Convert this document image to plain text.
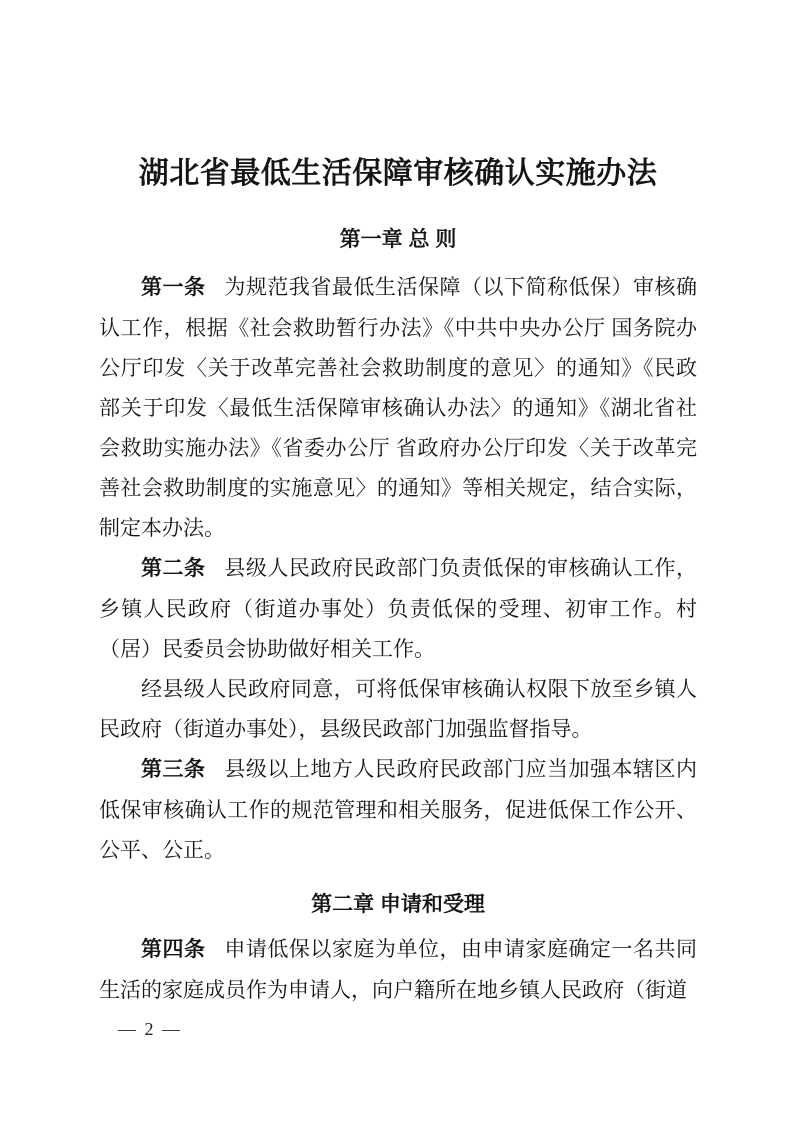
湖北省最低生活保障审核确认实施办法
第一章 总 则

第一条 为规范我省最低生活保障（以下简称低保）审核确认工作，根据《社会救助暂行办法》《中共中央办公厅 国务院办公厅印发〈关于改革完善社会救助制度的意见〉的通知》《民政部关于印发〈最低生活保障审核确认办法〉的通知》《湖北省社会救助实施办法》《省委办公厅 省政府办公厅印发〈关于改革完善社会救助制度的实施意见〉的通知》等相关规定，结合实际，制定本办法。

第二条 县级人民政府民政部门负责低保的审核确认工作，乡镇人民政府（街道办事处）负责低保的受理、初审工作。村（居）民委员会协助做好相关工作。

经县级人民政府同意，可将低保审核确认权限下放至乡镇人民政府（街道办事处），县级民政部门加强监督指导。

第三条 县级以上地方人民政府民政部门应当加强本辖区内低保审核确认工作的规范管理和相关服务，促进低保工作公开、公平、公正。

第二章 申请和受理

第四条 申请低保以家庭为单位，由申请家庭确定一名共同生活的家庭成员作为申请人，向户籍所在地乡镇人民政府（街道

— 2 —
